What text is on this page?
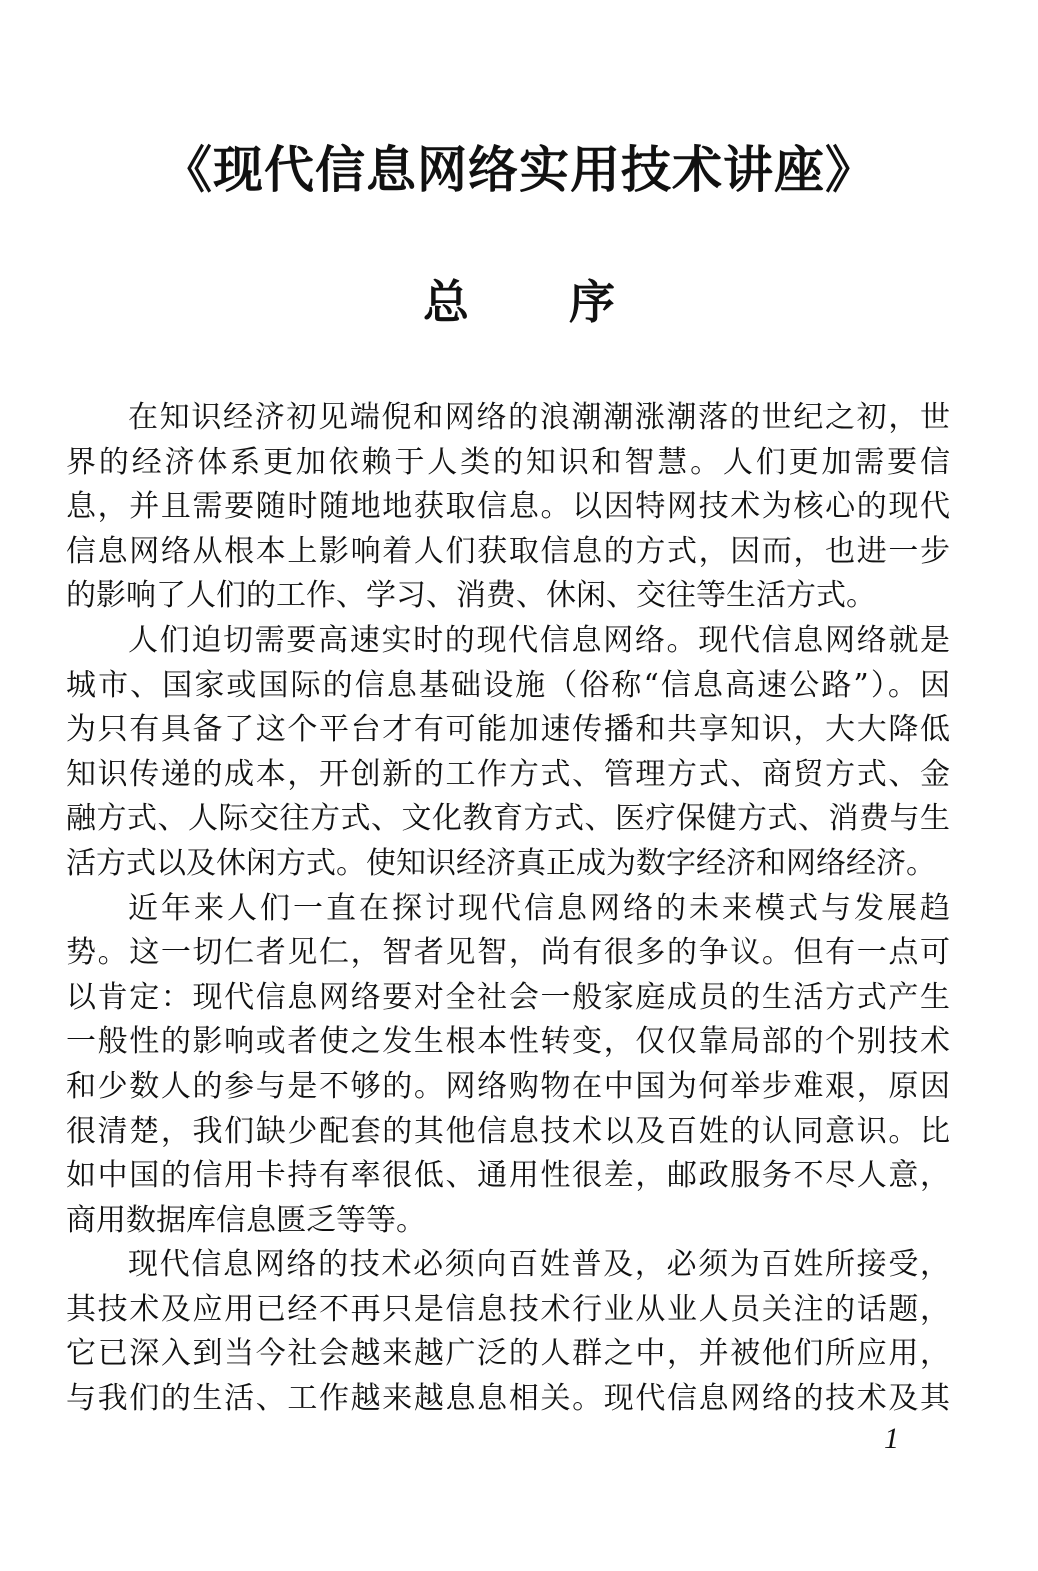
《现代信息网络实用技术讲座》
总 序
在知识经济初见端倪和网络的浪潮潮涨潮落的世纪之初，世
界的经济体系更加依赖于人类的知识和智慧。人们更加需要信
息，并且需要随时随地地获取信息。以因特网技术为核心的现代
信息网络从根本上影响着人们获取信息的方式，因而，也进一步
的影响了人们的工作、学习、消费、休闲、交往等生活方式。
人们迫切需要高速实时的现代信息网络。现代信息网络就是
城市、国家或国际的信息基础设施（俗称“信息高速公路”）。因
为只有具备了这个平台才有可能加速传播和共享知识，大大降低
知识传递的成本，开创新的工作方式、管理方式、商贸方式、金
融方式、人际交往方式、文化教育方式、医疗保健方式、消费与生
活方式以及休闲方式。使知识经济真正成为数字经济和网络经济。
近年来人们一直在探讨现代信息网络的未来模式与发展趋
势。这一切仁者见仁，智者见智，尚有很多的争议。但有一点可
以肯定：现代信息网络要对全社会一般家庭成员的生活方式产生
一般性的影响或者使之发生根本性转变，仅仅靠局部的个别技术
和少数人的参与是不够的。网络购物在中国为何举步难艰，原因
很清楚，我们缺少配套的其他信息技术以及百姓的认同意识。比
如中国的信用卡持有率很低、通用性很差，邮政服务不尽人意，
商用数据库信息匮乏等等。
现代信息网络的技术必须向百姓普及，必须为百姓所接受，
其技术及应用已经不再只是信息技术行业从业人员关注的话题，
它已深入到当今社会越来越广泛的人群之中，并被他们所应用，
与我们的生活、工作越来越息息相关。现代信息网络的技术及其
1
